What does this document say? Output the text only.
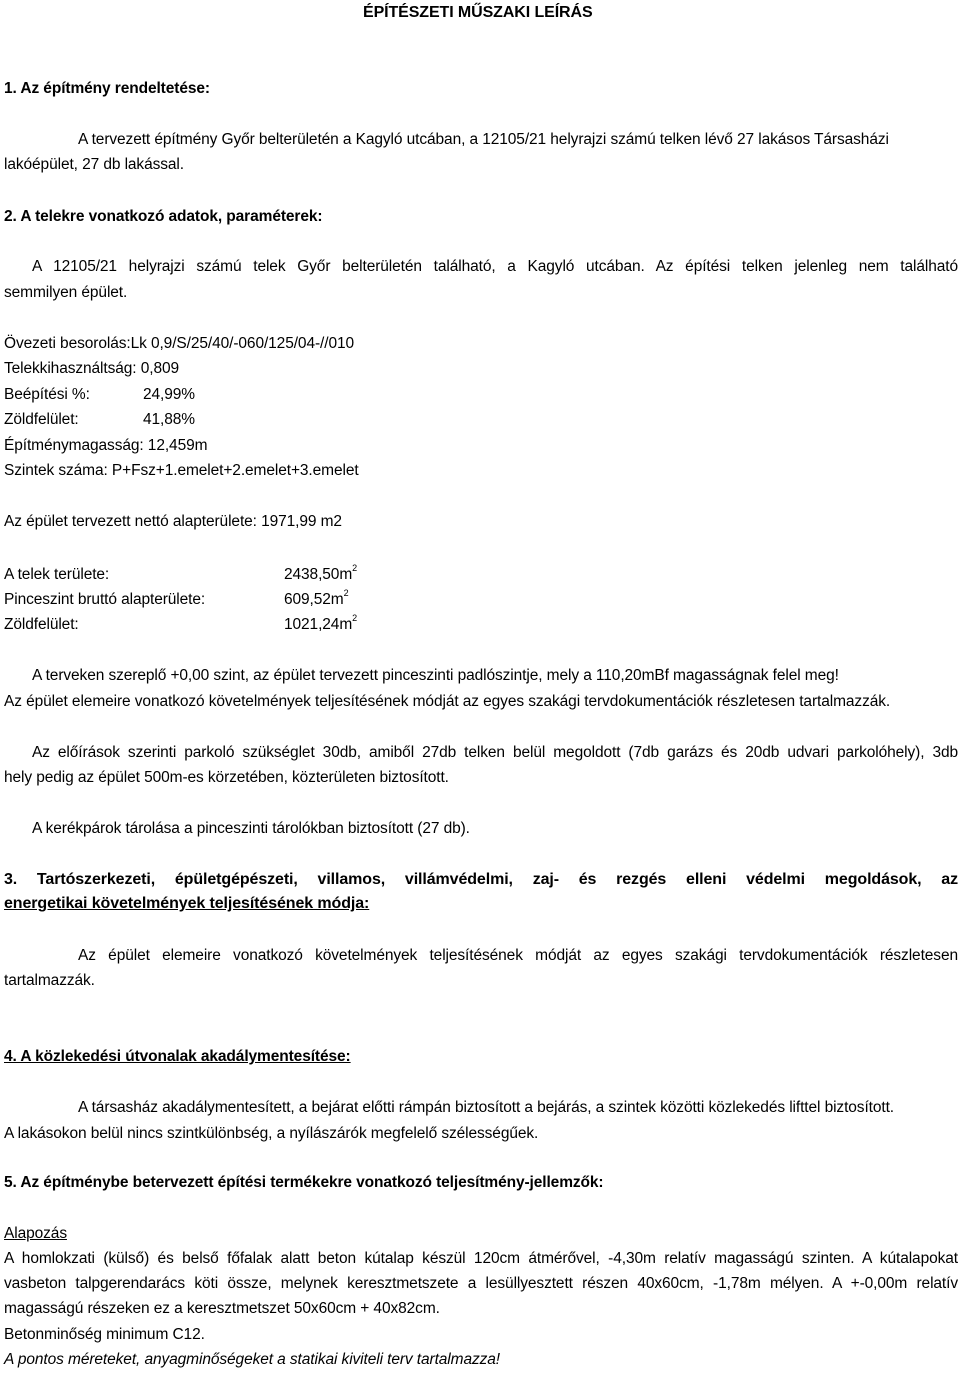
ÉPÍTÉSZETI MŰSZAKI LEÍRÁS
1. Az építmény rendeltetése:
A tervezett építmény Győr belterületén a Kagyló utcában, a 12105/21 helyrajzi számú telken lévő 27 lakásos Társasházi
lakóépület, 27 db lakással.
2. A telekre vonatkozó adatok, paraméterek:
A 12105/21 helyrajzi számú telek Győr belterületén található, a Kagyló utcában. Az építési telken jelenleg nem található
semmilyen épület.
Övezeti besorolás:Lk 0,9/S/25/40/-060/125/04-//010
Telekkihasználtság: 0,809
Beépítési %:	24,99%
Zöldfelület:	41,88%
Építménymagasság: 12,459m
Szintek száma: P+Fsz+1.emelet+2.emelet+3.emelet
Az épület tervezett nettó alapterülete: 1971,99 m2
A telek területe:	$2438,50m^2$
Pinceszint bruttó alapterülete:	$609,52m^2$
Zöldfelület:	$1021,24m^2$
A terveken szereplő +0,00 szint, az épület tervezett pinceszinti padlószintje, mely a 110,20mBf magasságnak felel meg!
Az épület elemeire vonatkozó követelmények teljesítésének módját az egyes szakági tervdokumentációk részletesen tartalmazzák.
Az előírások szerinti parkoló szükséglet 30db, amiből 27db telken belül megoldott (7db garázs és 20db udvari parkolóhely), 3db
hely pedig az épület 500m-es körzetében, közterületen biztosított.
A kerékpárok tárolása a pinceszinti tárolókban biztosított (27 db).
3. Tartószerkezeti, épületgépészeti, villamos, villámvédelmi, zaj- és rezgés elleni védelmi megoldások, az
energetikai követelmények teljesítésének módja:
Az épület elemeire vonatkozó követelmények teljesítésének módját az egyes szakági tervdokumentációk részletesen
tartalmazzák.
4. A közlekedési útvonalak akadálymentesítése:
A társasház akadálymentesített, a bejárat előtti rámpán biztosított a bejárás, a szintek közötti közlekedés lifttel biztosított.
A lakásokon belül nincs szintkülönbség, a nyílászárók megfelelő szélességűek.
5. Az építménybe betervezett építési termékekre vonatkozó teljesítmény-jellemzők:
Alapozás
A homlokzati (külső) és belső főfalak alatt beton kútalap készül 120cm átmérővel, -4,30m relatív magasságú szinten. A kútalapokat
vasbeton talpgerendarács köti össze, melynek keresztmetszete a lesüllyesztett részen 40x60cm, -1,78m mélyen. A +-0,00m relatív
magasságú részeken ez a keresztmetszet 50x60cm + 40x82cm.
Betonminőség minimum C12.
A pontos méreteket, anyagminőségeket a statikai kiviteli terv tartalmazza!
